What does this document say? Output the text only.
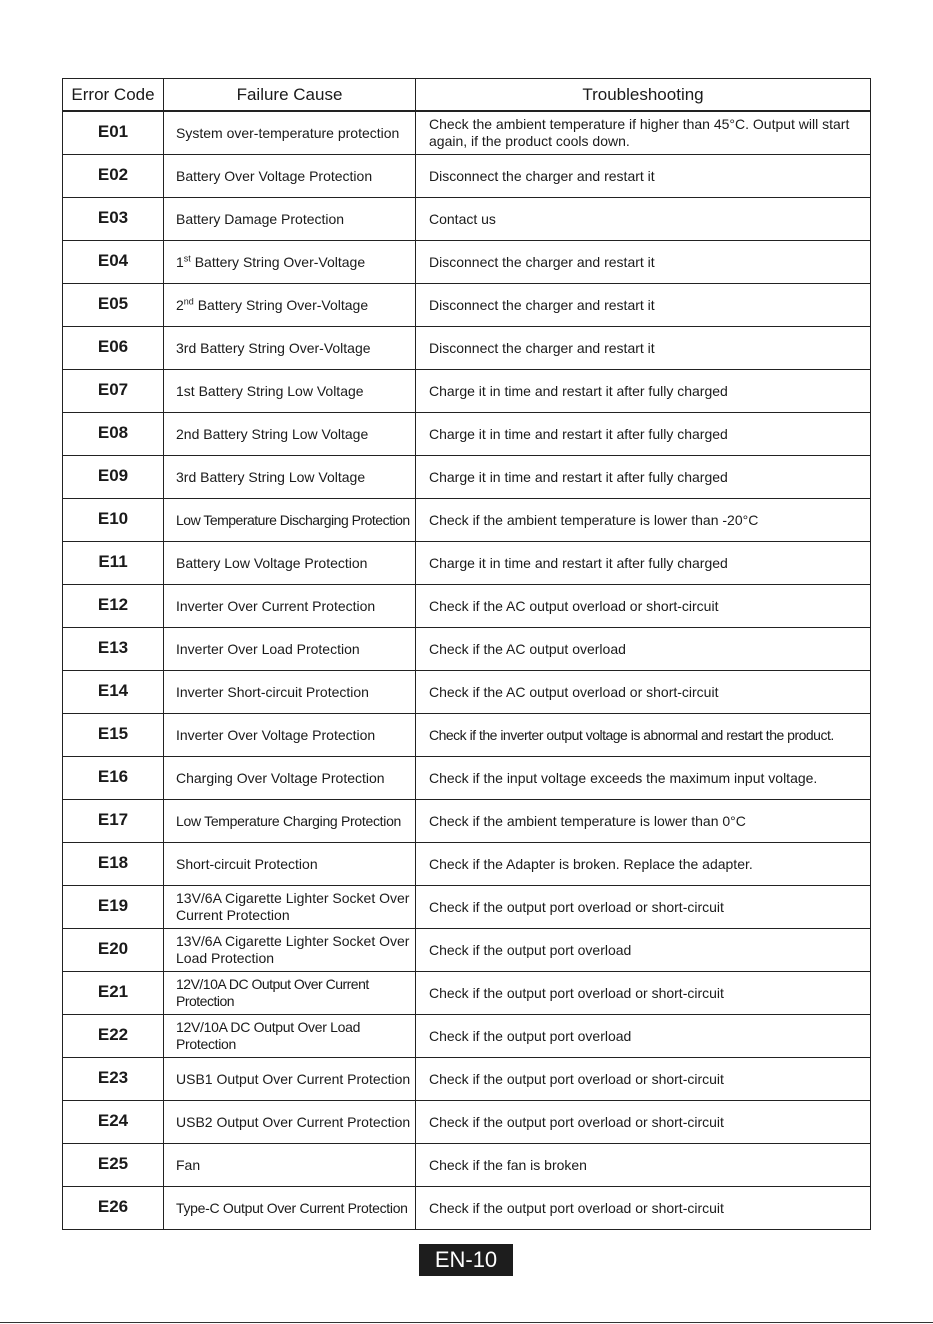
Error Code	Failure Cause	Troubleshooting
E01	System over-temperature protection	Check the ambient temperature if higher than 45°C. Output will start again, if the product cools down.
E02	Battery Over Voltage Protection	Disconnect the charger and restart it
E03	Battery Damage Protection	Contact us
E04	1st Battery String Over-Voltage	Disconnect the charger and restart it
E05	2nd Battery String Over-Voltage	Disconnect the charger and restart it
E06	3rd Battery String Over-Voltage	Disconnect the charger and restart it
E07	1st Battery String Low Voltage	Charge it in time and restart it after fully charged
E08	2nd Battery String Low Voltage	Charge it in time and restart it after fully charged
E09	3rd Battery String Low Voltage	Charge it in time and restart it after fully charged
E10	Low Temperature Discharging Protection	Check if the ambient temperature is lower than -20°C
E11	Battery Low Voltage Protection	Charge it in time and restart it after fully charged
E12	Inverter Over Current Protection	Check if the AC output overload or short-circuit
E13	Inverter Over Load Protection	Check if the AC output overload
E14	Inverter Short-circuit Protection	Check if the AC output overload or short-circuit
E15	Inverter Over Voltage Protection	Check if the inverter output voltage is abnormal and restart the product.
E16	Charging Over Voltage Protection	Check if the input voltage exceeds the maximum input voltage.
E17	Low Temperature Charging Protection	Check if the ambient temperature is lower than 0°C
E18	Short-circuit Protection	Check if the Adapter is broken. Replace the adapter.
E19	13V/6A Cigarette Lighter Socket Over Current Protection	Check if the output port overload or short-circuit
E20	13V/6A Cigarette Lighter Socket Over Load Protection	Check if the output port overload
E21	12V/10A DC Output Over Current Protection	Check if the output port overload or short-circuit
E22	12V/10A DC Output Over Load Protection	Check if the output port overload
E23	USB1 Output Over Current Protection	Check if the output port overload or short-circuit
E24	USB2 Output Over Current Protection	Check if the output port overload or short-circuit
E25	Fan	Check if the fan is broken
E26	Type-C Output Over Current Protection	Check if the output port overload or short-circuit
EN-10
